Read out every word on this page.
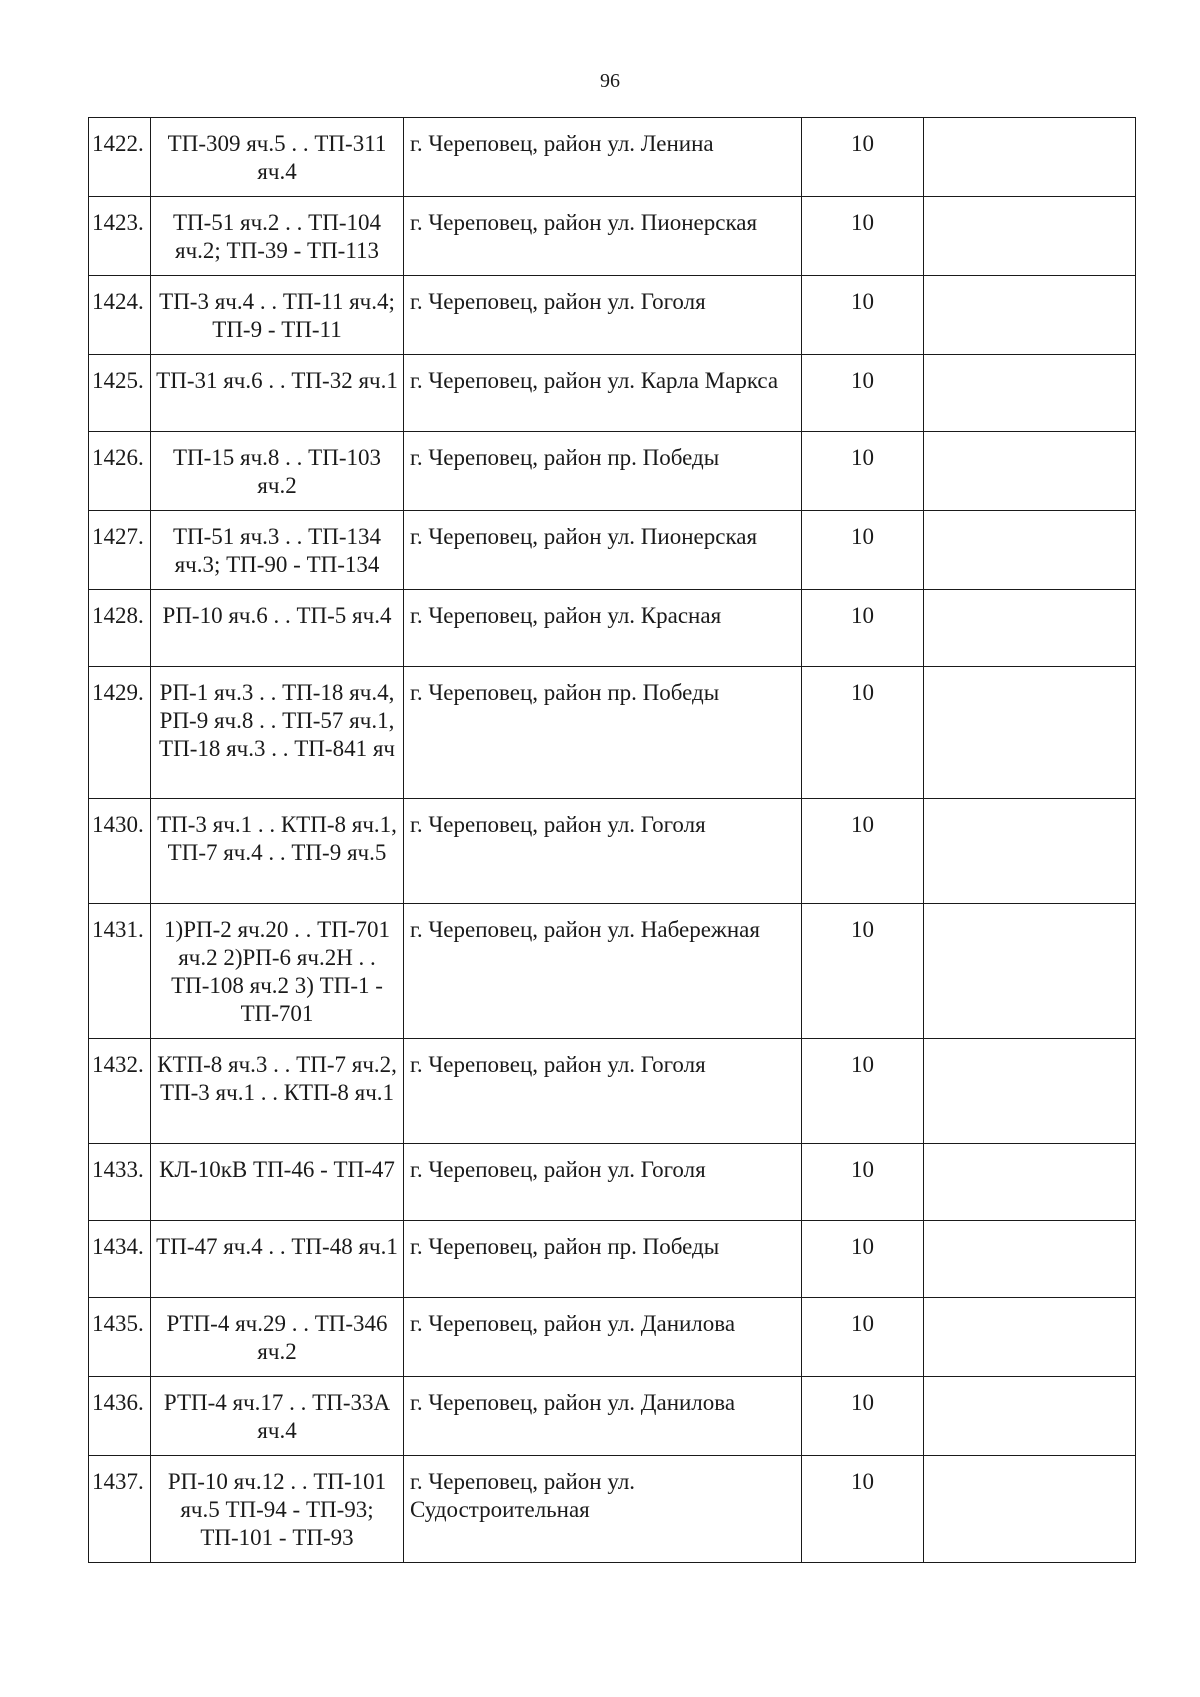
96
1422.	ТП-309 яч.5 . . ТП-311 яч.4	г. Череповец, район ул. Ленина	10	
1423.	ТП-51 яч.2 . . ТП-104 яч.2; ТП-39 - ТП-113	г. Череповец, район ул. Пионерская	10	
1424.	ТП-3 яч.4 . . ТП-11 яч.4; ТП-9 - ТП-11	г. Череповец, район ул. Гоголя	10	
1425.	ТП-31 яч.6 . . ТП-32 яч.1	г. Череповец, район ул. Карла Маркса	10	
1426.	ТП-15 яч.8 . . ТП-103 яч.2	г. Череповец, район пр. Победы	10	
1427.	ТП-51 яч.3 . . ТП-134 яч.3; ТП-90 - ТП-134	г. Череповец, район ул. Пионерская	10	
1428.	РП-10 яч.6 . . ТП-5 яч.4	г. Череповец, район ул. Красная	10	
1429.	РП-1 яч.3 . . ТП-18 яч.4, РП-9 яч.8 . . ТП-57 яч.1, ТП-18 яч.3 . . ТП-841 яч	г. Череповец, район пр. Победы	10	
1430.	ТП-3 яч.1 . . КТП-8 яч.1, ТП-7 яч.4 . . ТП-9 яч.5	г. Череповец, район ул. Гоголя	10	
1431.	1)РП-2 яч.20 . . ТП-701 яч.2 2)РП-6 яч.2Н . . ТП-108 яч.2 3) ТП-1 - ТП-701	г. Череповец, район ул. Набережная	10	
1432.	КТП-8 яч.3 . . ТП-7 яч.2, ТП-3 яч.1 . . КТП-8 яч.1	г. Череповец, район ул. Гоголя	10	
1433.	КЛ-10кВ ТП-46 - ТП-47	г. Череповец, район ул. Гоголя	10	
1434.	ТП-47 яч.4 . . ТП-48 яч.1	г. Череповец, район пр. Победы	10	
1435.	РТП-4 яч.29 . . ТП-346 яч.2	г. Череповец, район ул. Данилова	10	
1436.	РТП-4 яч.17 . . ТП-33А яч.4	г. Череповец, район ул. Данилова	10	
1437.	РП-10 яч.12 . . ТП-101 яч.5 ТП-94 - ТП-93; ТП-101 - ТП-93	г. Череповец, район ул. Судостроительная	10	
